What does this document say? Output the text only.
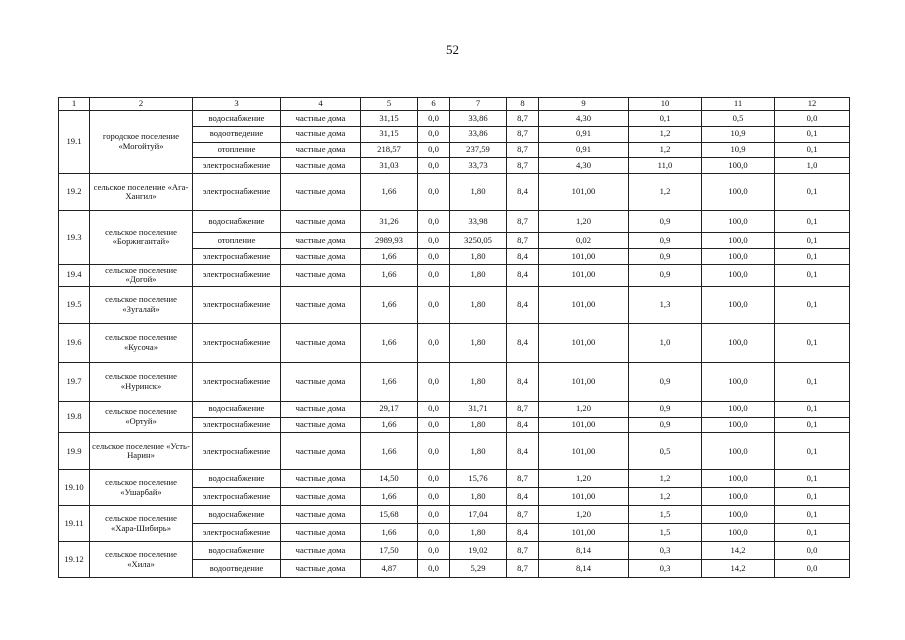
52
1	2	3	4	5	6	7	8	9	10	11	12
19.1	городское поселение «Могойтуй»	водоснабжение	частные дома	31,15	0,0	33,86	8,7	4,30	0,1	0,5	0,0
		водоотведение	частные дома	31,15	0,0	33,86	8,7	0,91	1,2	10,9	0,1
		отопление	частные дома	218,57	0,0	237,59	8,7	0,91	1,2	10,9	0,1
		электроснабжение	частные дома	31,03	0,0	33,73	8,7	4,30	11,0	100,0	1,0
19.2	сельское поселение «Ага-Хангил»	электроснабжение	частные дома	1,66	0,0	1,80	8,4	101,00	1,2	100,0	0,1
19.3	сельское поселение «Боржигантай»	водоснабжение	частные дома	31,26	0,0	33,98	8,7	1,20	0,9	100,0	0,1
		отопление	частные дома	2989,93	0,0	3250,05	8,7	0,02	0,9	100,0	0,1
		электроснабжение	частные дома	1,66	0,0	1,80	8,4	101,00	0,9	100,0	0,1
19.4	сельское поселение «Догой»	электроснабжение	частные дома	1,66	0,0	1,80	8,4	101,00	0,9	100,0	0,1
19.5	сельское поселение «Зугалай»	электроснабжение	частные дома	1,66	0,0	1,80	8,4	101,00	1,3	100,0	0,1
19.6	сельское поселение «Кусоча»	электроснабжение	частные дома	1,66	0,0	1,80	8,4	101,00	1,0	100,0	0,1
19.7	сельское поселение «Нуринск»	электроснабжение	частные дома	1,66	0,0	1,80	8,4	101,00	0,9	100,0	0,1
19.8	сельское поселение «Ортуй»	водоснабжение	частные дома	29,17	0,0	31,71	8,7	1,20	0,9	100,0	0,1
		электроснабжение	частные дома	1,66	0,0	1,80	8,4	101,00	0,9	100,0	0,1
19.9	сельское поселение «Усть-Нарин»	электроснабжение	частные дома	1,66	0,0	1,80	8,4	101,00	0,5	100,0	0,1
19.10	сельское поселение «Ушарбай»	водоснабжение	частные дома	14,50	0,0	15,76	8,7	1,20	1,2	100,0	0,1
		электроснабжение	частные дома	1,66	0,0	1,80	8,4	101,00	1,2	100,0	0,1
19.11	сельское поселение «Хара-Шибирь»	водоснабжение	частные дома	15,68	0,0	17,04	8,7	1,20	1,5	100,0	0,1
		электроснабжение	частные дома	1,66	0,0	1,80	8,4	101,00	1,5	100,0	0,1
19.12	сельское поселение «Хила»	водоснабжение	частные дома	17,50	0,0	19,02	8,7	8,14	0,3	14,2	0,0
		водоотведение	частные дома	4,87	0,0	5,29	8,7	8,14	0,3	14,2	0,0
